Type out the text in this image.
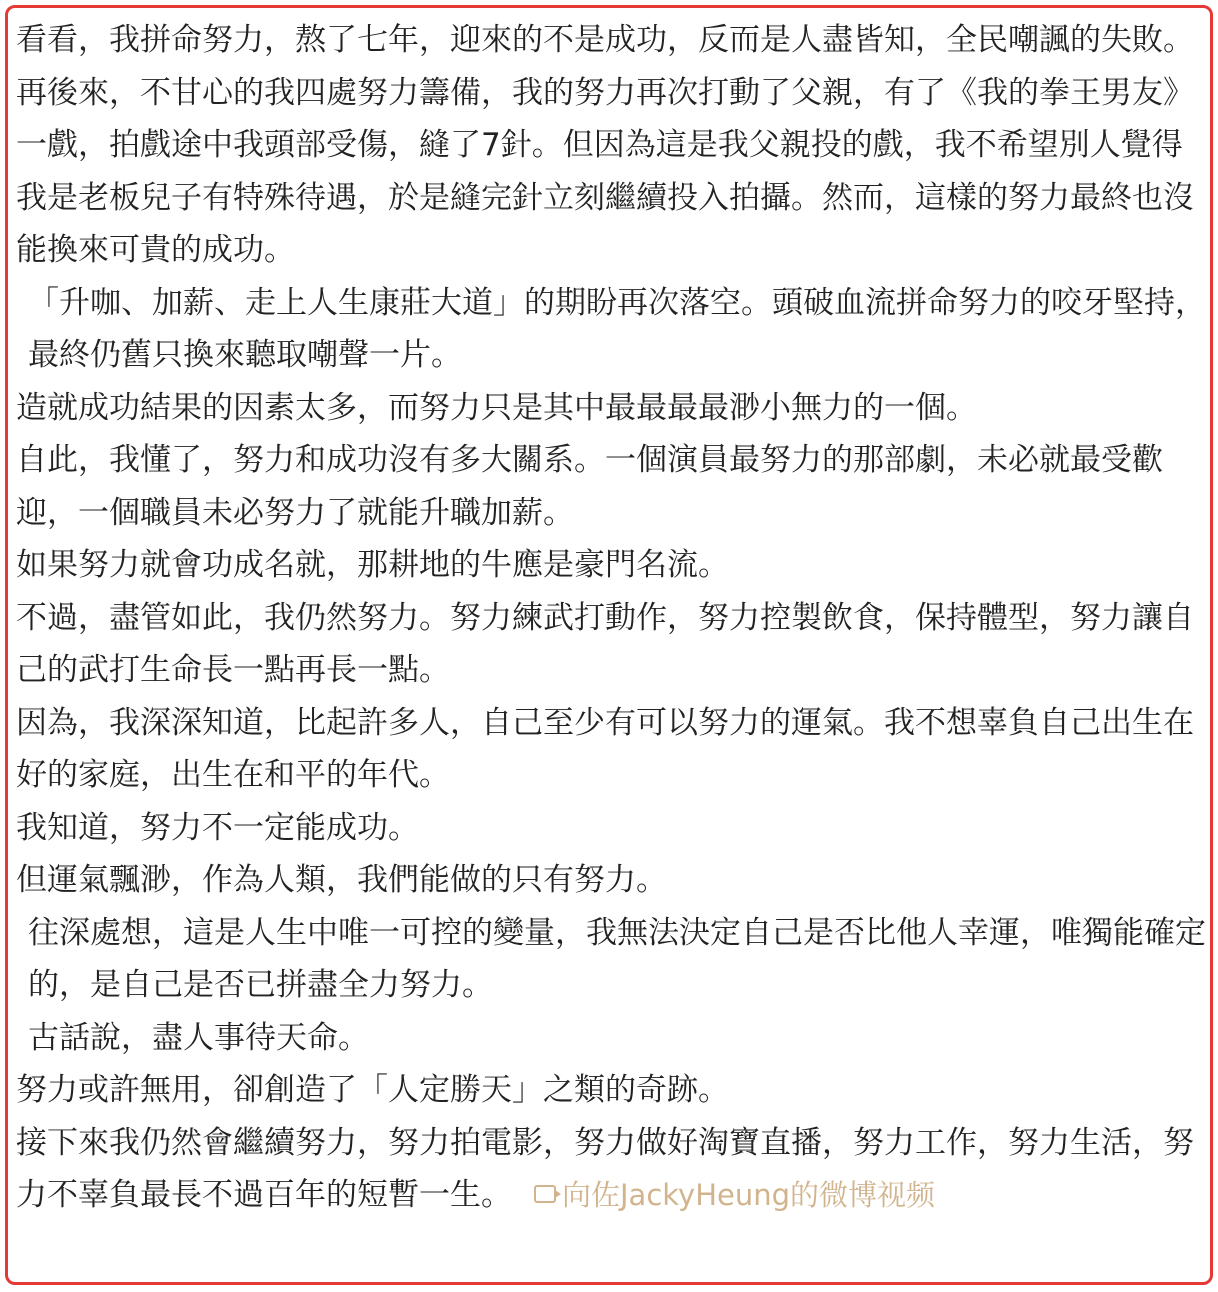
看看，我拼命努力，熬了七年，迎來的不是成功，反而是人盡皆知，全民嘲諷的失敗。

再後來，不甘心的我四處努力籌備，我的努力再次打動了父親，有了《我的拳王男友》一戲，拍戲途中我頭部受傷，縫了7針。但因為這是我父親投的戲，我不希望別人覺得我是老板兒子有特殊待遇，於是縫完針立刻繼續投入拍攝。然而，這樣的努力最終也沒能換來可貴的成功。

「升咖、加薪、走上人生康莊大道」的期盼再次落空。頭破血流拼命努力的咬牙堅持，最終仍舊只換來聽取嘲聲一片。

造就成功結果的因素太多，而努力只是其中最最最最渺小無力的一個。

自此，我懂了，努力和成功沒有多大關系。一個演員最努力的那部劇，未必就最受歡迎，一個職員未必努力了就能升職加薪。

如果努力就會功成名就，那耕地的牛應是豪門名流。

不過，盡管如此，我仍然努力。努力練武打動作，努力控製飲食，保持體型，努力讓自己的武打生命長一點再長一點。

因為，我深深知道，比起許多人，自己至少有可以努力的運氣。我不想辜負自己出生在好的家庭，出生在和平的年代。

我知道，努力不一定能成功。

但運氣飄渺，作為人類，我們能做的只有努力。

往深處想，這是人生中唯一可控的變量，我無法決定自己是否比他人幸運，唯獨能確定的，是自己是否已拼盡全力努力。

古話說，盡人事待天命。

努力或許無用，卻創造了「人定勝天」之類的奇跡。

接下來我仍然會繼續努力，努力拍電影，努力做好淘寶直播，努力工作，努力生活，努力不辜負最長不過百年的短暫一生。 向佐JackyHeung的微博视频
